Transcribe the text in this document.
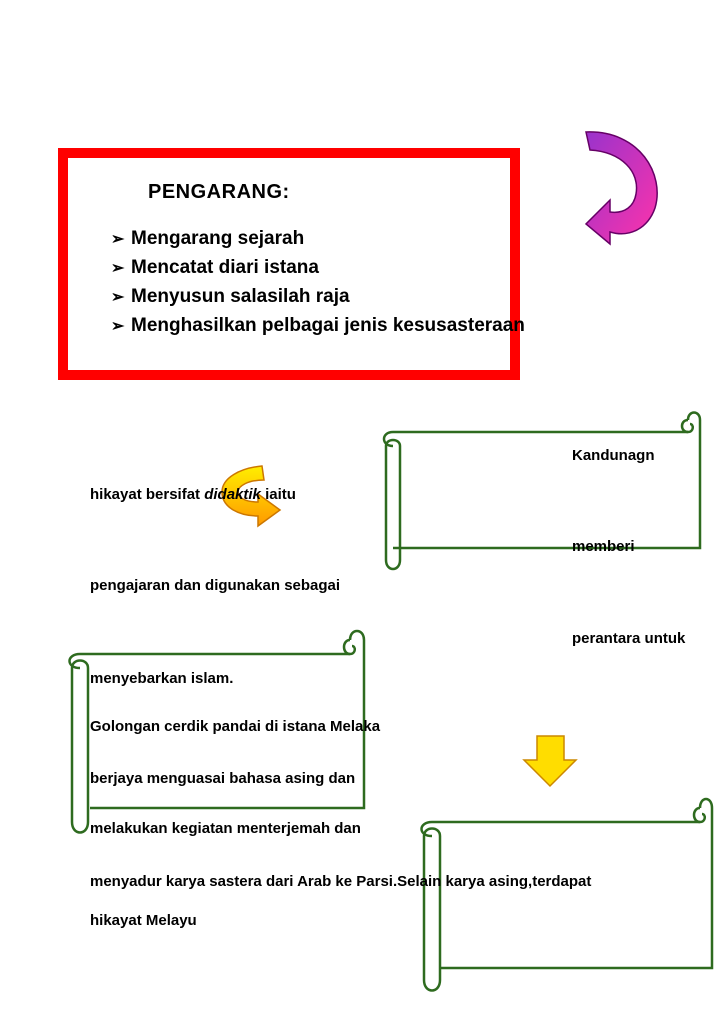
PENGARANG:
➢ Mengarang sejarah
➢ Mencatat diari istana
➢ Menyusun salasilah raja
➢ Menghasilkan pelbagai jenis kesusasteraan
Kandunagn
memberi
perantara untuk
hikayat bersifat didaktik iaitu
pengajaran dan digunakan sebagai
menyebarkan islam.
Golongan cerdik pandai di istana Melaka
berjaya menguasai bahasa asing dan
melakukan kegiatan menterjemah dan
menyadur karya sastera dari Arab ke Parsi.Selain karya asing,terdapat
hikayat Melayu
